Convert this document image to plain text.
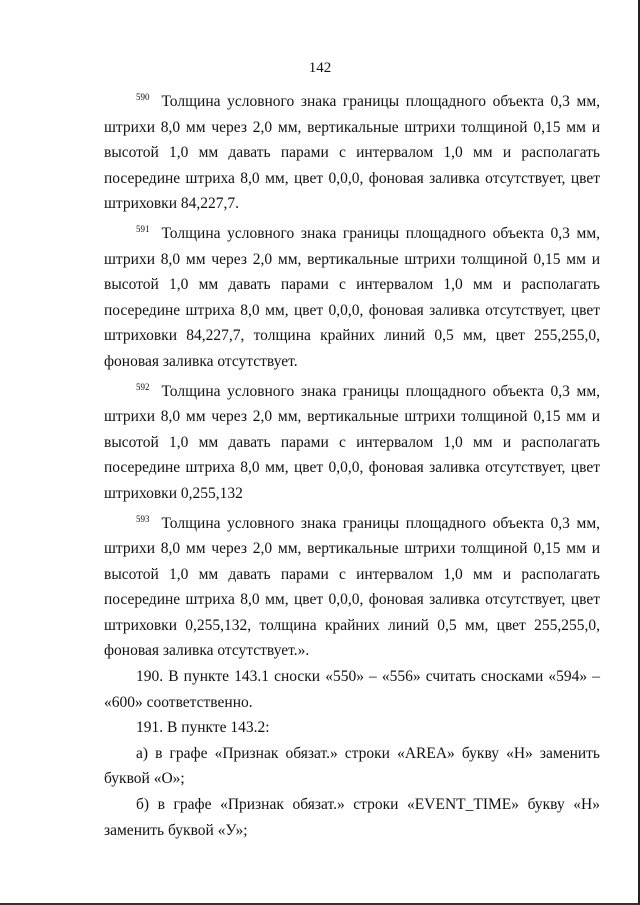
142

$^{590}$ Толщина условного знака границы площадного объекта 0,3 мм, штрихи 8,0 мм через 2,0 мм, вертикальные штрихи толщиной 0,15 мм и высотой 1,0 мм давать парами с интервалом 1,0 мм и располагать посередине штриха 8,0 мм, цвет 0,0,0, фоновая заливка отсутствует, цвет штриховки 84,227,7.

$^{591}$ Толщина условного знака границы площадного объекта 0,3 мм, штрихи 8,0 мм через 2,0 мм, вертикальные штрихи толщиной 0,15 мм и высотой 1,0 мм давать парами с интервалом 1,0 мм и располагать посередине штриха 8,0 мм, цвет 0,0,0, фоновая заливка отсутствует, цвет штриховки 84,227,7, толщина крайних линий 0,5 мм, цвет 255,255,0, фоновая заливка отсутствует.

$^{592}$ Толщина условного знака границы площадного объекта 0,3 мм, штрихи 8,0 мм через 2,0 мм, вертикальные штрихи толщиной 0,15 мм и высотой 1,0 мм давать парами с интервалом 1,0 мм и располагать посередине штриха 8,0 мм, цвет 0,0,0, фоновая заливка отсутствует, цвет штриховки 0,255,132

$^{593}$ Толщина условного знака границы площадного объекта 0,3 мм, штрихи 8,0 мм через 2,0 мм, вертикальные штрихи толщиной 0,15 мм и высотой 1,0 мм давать парами с интервалом 1,0 мм и располагать посередине штриха 8,0 мм, цвет 0,0,0, фоновая заливка отсутствует, цвет штриховки 0,255,132, толщина крайних линий 0,5 мм, цвет 255,255,0, фоновая заливка отсутствует.».

190. В пункте 143.1 сноски «550» – «556» считать сносками «594» – «600» соответственно.

191. В пункте 143.2:

а) в графе «Признак обязат.» строки «AREA» букву «Н» заменить буквой «О»;

б) в графе «Признак обязат.» строки «EVENT_TIME» букву «Н» заменить буквой «У»;
